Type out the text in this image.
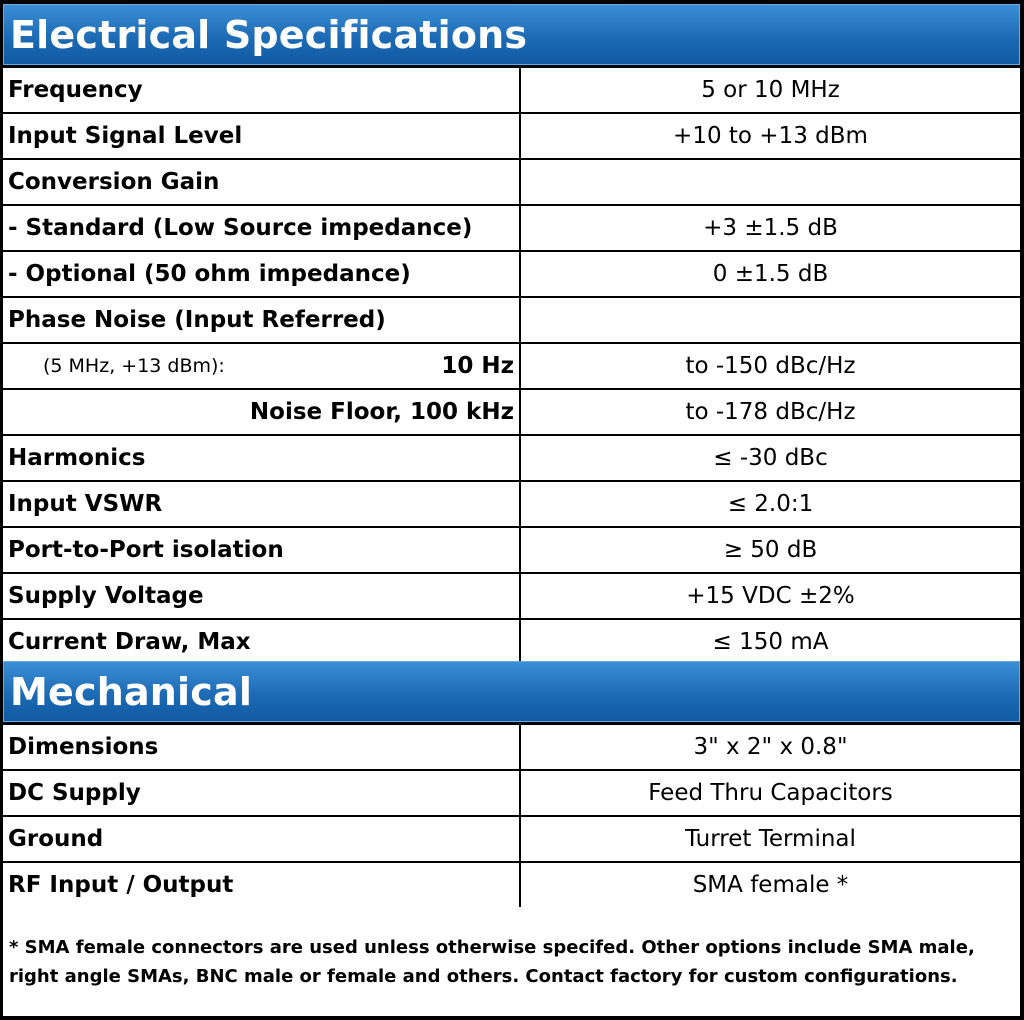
Electrical Specifications
Frequency	5 or 10 MHz
Input Signal Level	+10 to +13 dBm
Conversion Gain
- Standard (Low Source impedance)	+3 ±1.5 dB
- Optional (50 ohm impedance)	0 ±1.5 dB
Phase Noise (Input Referred)
(5 MHz, +13 dBm):	10 Hz	to -150 dBc/Hz
Noise Floor, 100 kHz	to -178 dBc/Hz
Harmonics	≤ -30 dBc
Input VSWR	≤ 2.0:1
Port-to-Port isolation	≥ 50 dB
Supply Voltage	+15 VDC ±2%
Current Draw, Max	≤ 150 mA
Mechanical
Dimensions	3" x 2" x 0.8"
DC Supply	Feed Thru Capacitors
Ground	Turret Terminal
RF Input / Output	SMA female *
* SMA female connectors are used unless otherwise specifed. Other options include SMA male, right angle SMAs, BNC male or female and others. Contact factory for custom configurations.
